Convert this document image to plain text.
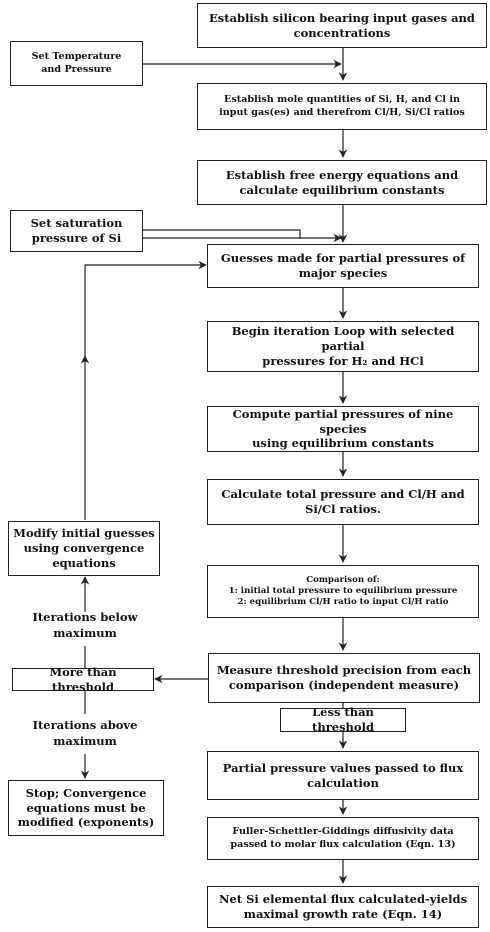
Establish silicon bearing input gases and
concentrations
Establish mole quantities of Si, H, and Cl in
input gas(es) and therefrom Cl/H, Si/Cl ratios
Establish free energy equations and
calculate equilibrium constants
Guesses made for partial pressures of
major species
Begin iteration Loop with selected partial
pressures for H₂ and HCl
Compute partial pressures of nine species
using equilibrium constants
Calculate total pressure and Cl/H and
Si/Cl ratios.
Comparison of:
1: initial total pressure to equilibrium pressure
2: equilibrium Cl/H ratio to input Cl/H ratio
Measure threshold precision from each
comparison (independent measure)
Less than threshold
Partial pressure values passed to flux
calculation
Fuller-Schettler-Giddings diffusivity data
passed to molar flux calculation (Eqn. 13)
Net Si elemental flux calculated-yields
maximal growth rate (Eqn. 14)
Set Temperature
and Pressure
Set saturation
pressure of Si
Modify initial guesses
using convergence
equations
More than threshold
Stop; Convergence
equations must be
modified (exponents)
Iterations below
maximum
Iterations above
maximum
